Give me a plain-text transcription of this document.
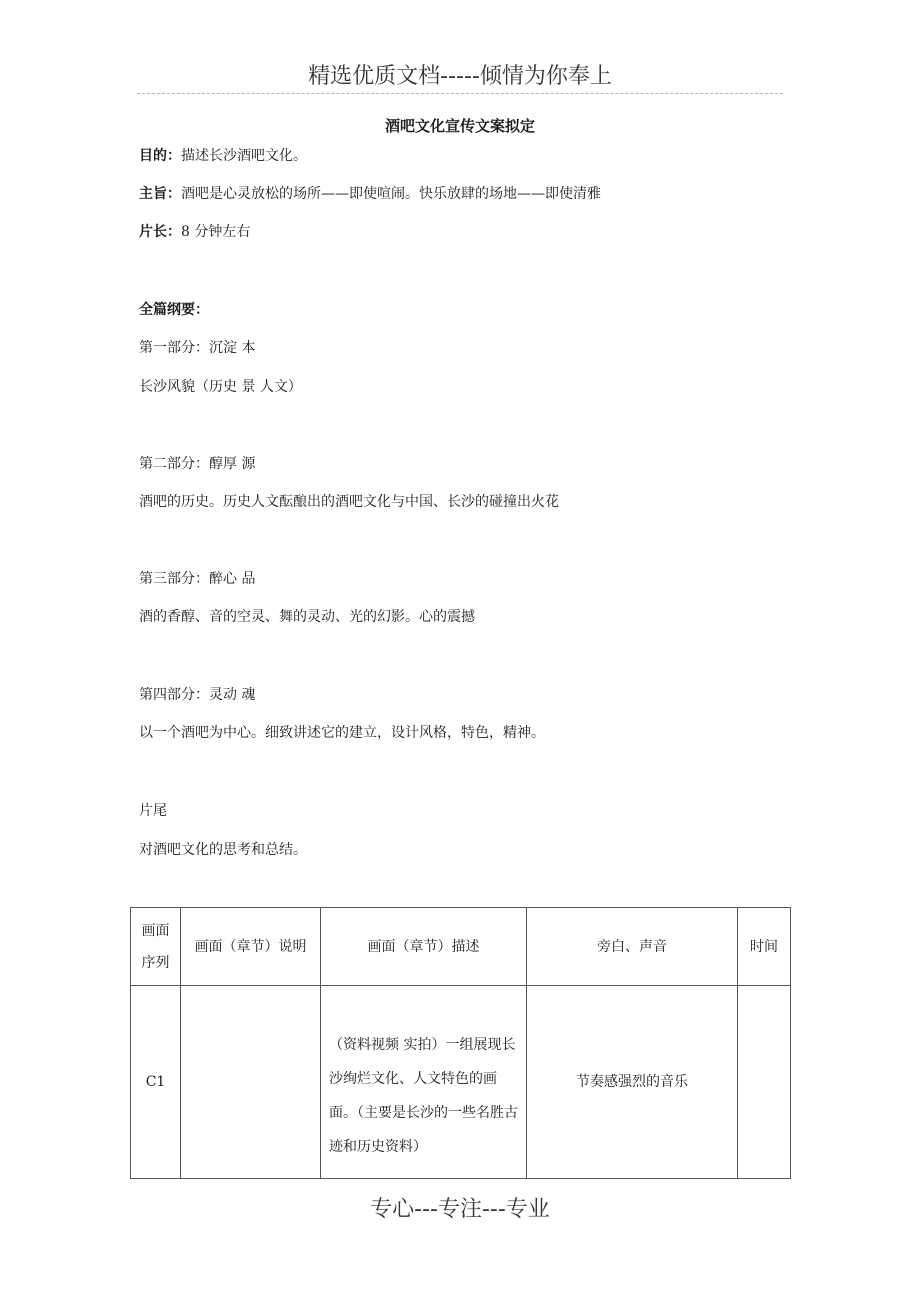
精选优质文档-----倾情为你奉上
酒吧文化宣传文案拟定
目的：描述长沙酒吧文化。
主旨：酒吧是心灵放松的场所——即使喧闹。快乐放肆的场地——即使清雅
片长：8 分钟左右
全篇纲要：
第一部分：沉淀 本
长沙风貌（历史 景 人文）
第二部分：醇厚 源
酒吧的历史。历史人文酝酿出的酒吧文化与中国、长沙的碰撞出火花
第三部分：醉心 品
酒的香醇、音的空灵、舞的灵动、光的幻影。心的震撼
第四部分：灵动 魂
以一个酒吧为中心。细致讲述它的建立，设计风格，特色，精神。
片尾
对酒吧文化的思考和总结。
画面
序列	画面（章节）说明	画面（章节）描述	旁白、声音	时间
C1		（资料视频 实拍）一组展现长沙绚烂文化、人文特色的画面。（主要是长沙的一些名胜古迹和历史资料）	节奏感强烈的音乐	
专心---专注---专业
